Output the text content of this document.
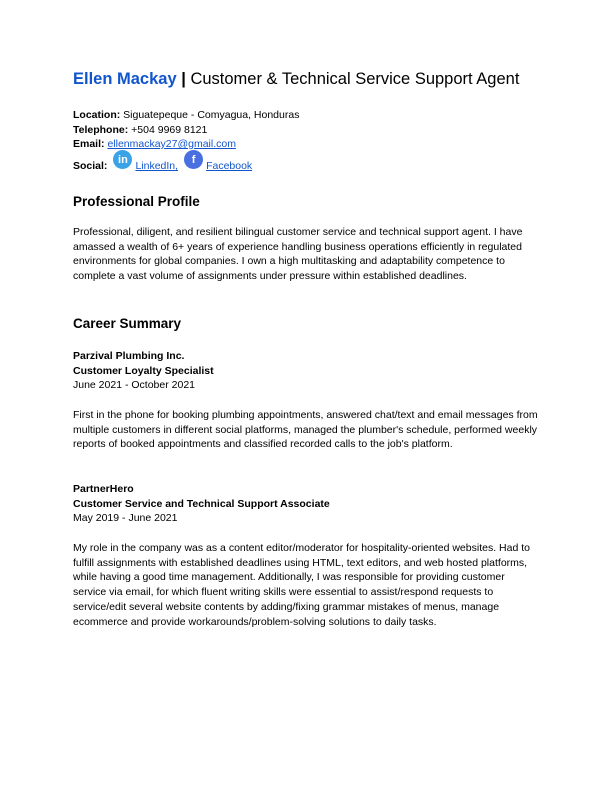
Ellen Mackay | Customer & Technical Service Support Agent
Location: Siguatepeque - Comyagua, Honduras
Telephone: +504 9969 8121
Email: ellenmackay27@gmail.com
Social:
in
LinkedIn,
f
Facebook
Professional Profile

Professional, diligent, and resilient bilingual customer service and technical support agent. I have amassed a wealth of 6+ years of experience handling business operations efficiently in regulated environments for global companies. I own a high multitasking and adaptability competence to complete a vast volume of assignments under pressure within established deadlines.

Career Summary
Parzival Plumbing Inc.
Customer Loyalty Specialist
June 2021 - October 2021

First in the phone for booking plumbing appointments, answered chat/text and email messages from multiple customers in different social platforms, managed the plumber's schedule, performed weekly reports of booked appointments and classified recorded calls to the job's platform.

PartnerHero
Customer Service and Technical Support Associate
May 2019 - June 2021

My role in the company was as a content editor/moderator for hospitality-oriented websites. Had to fulfill assignments with established deadlines using HTML, text editors, and web hosted platforms, while having a good time management. Additionally, I was responsible for providing customer service via email, for which fluent writing skills were essential to assist/respond requests to service/edit several website contents by adding/fixing grammar mistakes of menus, manage ecommerce and provide workarounds/problem-solving solutions to daily tasks.
